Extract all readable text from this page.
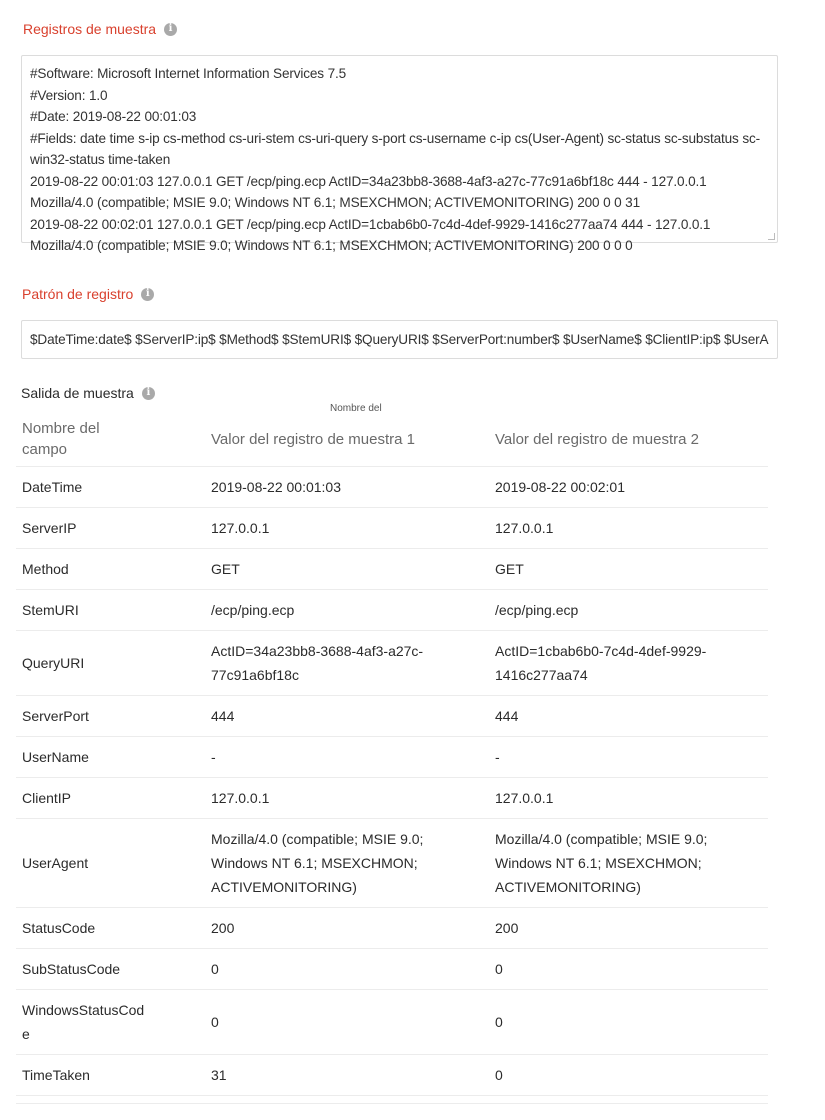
Registros de muestra	i
#Software: Microsoft Internet Information Services 7.5
#Version: 1.0
#Date: 2019-08-22 00:01:03
#Fields: date time s-ip cs-method cs-uri-stem cs-uri-query s-port cs-username c-ip cs(User-Agent) sc-status sc-substatus sc-win32-status time-taken
2019-08-22 00:01:03 127.0.0.1 GET /ecp/ping.ecp ActID=34a23bb8-3688-4af3-a27c-77c91a6bf18c 444 - 127.0.0.1
Mozilla/4.0 (compatible; MSIE 9.0; Windows NT 6.1; MSEXCHMON; ACTIVEMONITORING) 200 0 0 31
2019-08-22 00:02:01 127.0.0.1 GET /ecp/ping.ecp ActID=1cbab6b0-7c4d-4def-9929-1416c277aa74 444 - 127.0.0.1
Mozilla/4.0 (compatible; MSIE 9.0; Windows NT 6.1; MSEXCHMON; ACTIVEMONITORING) 200 0 0 0
Patrón de registro	i
$DateTime:date$ $ServerIP:ip$ $Method$ $StemURI$ $QueryURI$ $ServerPort:number$ $UserName$ $ClientIP:ip$ $UserAgent$ $StatusCode:number$ $SubStatusCode:number$ $WindowsStatusCode:number$ $TimeTaken:number$
Salida de muestra	i
Nombre del
Nombre del campo	Valor del registro de muestra 1	Valor del registro de muestra 2
DateTime	2019-08-22 00:01:03	2019-08-22 00:02:01
ServerIP	127.0.0.1	127.0.0.1
Method	GET	GET
StemURI	/ecp/ping.ecp	/ecp/ping.ecp
QueryURI	ActID=34a23bb8-3688-4af3-a27c-77c91a6bf18c	ActID=1cbab6b0-7c4d-4def-9929-1416c277aa74
ServerPort	444	444
UserName	-	-
ClientIP	127.0.0.1	127.0.0.1
UserAgent	Mozilla/4.0 (compatible; MSIE 9.0; Windows NT 6.1; MSEXCHMON; ACTIVEMONITORING)	Mozilla/4.0 (compatible; MSIE 9.0; Windows NT 6.1; MSEXCHMON; ACTIVEMONITORING)
StatusCode	200	200
SubStatusCode	0	0

WindowsStatusCode	0	0
TimeTaken	31	0
